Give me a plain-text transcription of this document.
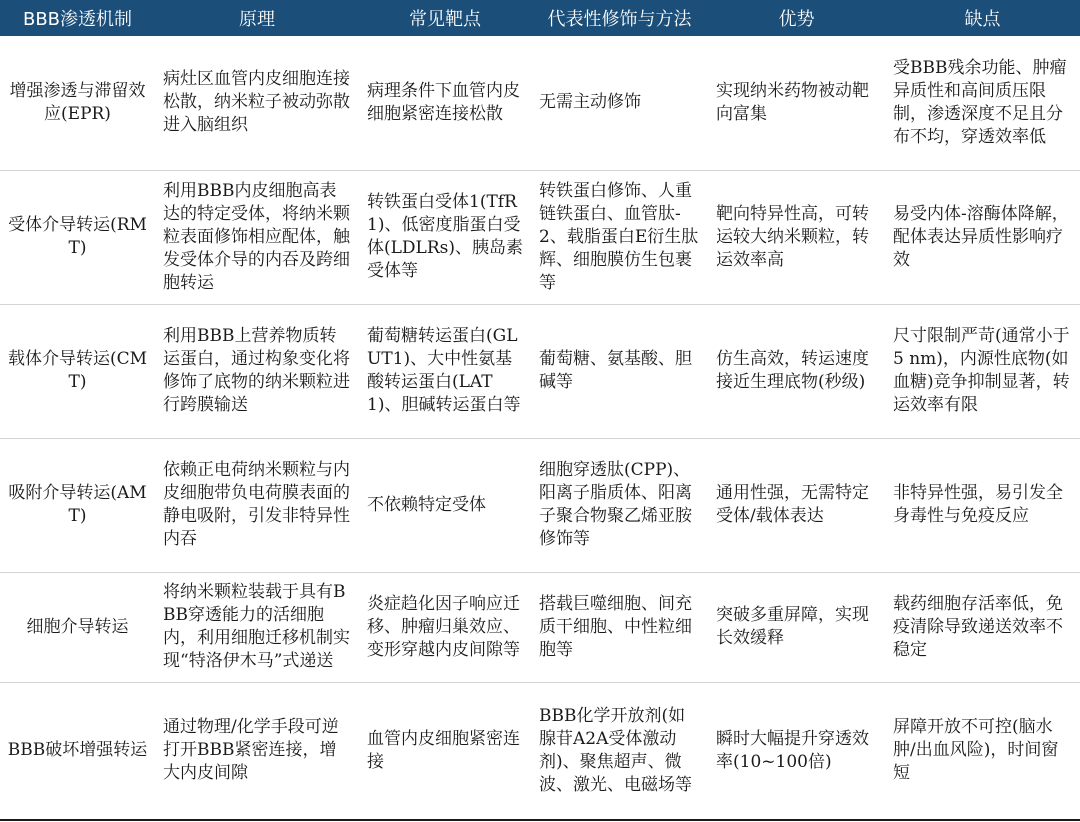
BBB渗透机制	原理	常见靶点	代表性修饰与方法	优势	缺点
增强渗透与滞留效应(EPR)	病灶区血管内皮细胞连接松散，纳米粒子被动弥散进入脑组织	病理条件下血管内皮细胞紧密连接松散	无需主动修饰	实现纳米药物被动靶向富集	受BBB残余功能、肿瘤异质性和高间质压限制，渗透深度不足且分布不均，穿透效率低
受体介导转运(RMT)	利用BBB内皮细胞高表达的特定受体，将纳米颗粒表面修饰相应配体，触发受体介导的内吞及跨细胞转运	转铁蛋白受体1(TfR1)、低密度脂蛋白受体(LDLRs)、胰岛素受体等	转铁蛋白修饰、人重链铁蛋白、血管肽-2、载脂蛋白E衍生肽辉、细胞膜仿生包裹等	靶向特异性高，可转运较大纳米颗粒，转运效率高	易受内体-溶酶体降解，配体表达异质性影响疗效
载体介导转运(CMT)	利用BBB上营养物质转运蛋白，通过构象变化将修饰了底物的纳米颗粒进行跨膜输送	葡萄糖转运蛋白(GLUT1)、大中性氨基酸转运蛋白(LAT1)、胆碱转运蛋白等	葡萄糖、氨基酸、胆碱等	仿生高效，转运速度接近生理底物(秒级)	尺寸限制严苛(通常小于5 nm)，内源性底物(如血糖)竞争抑制显著，转运效率有限
吸附介导转运(AMT)	依赖正电荷纳米颗粒与内皮细胞带负电荷膜表面的静电吸附，引发非特异性内吞	不依赖特定受体	细胞穿透肽(CPP)、阳离子脂质体、阳离子聚合物聚乙烯亚胺修饰等	通用性强，无需特定受体/载体表达	非特异性强，易引发全身毒性与免疫反应
细胞介导转运	将纳米颗粒装载于具有BBB穿透能力的活细胞内，利用细胞迁移机制实现“特洛伊木马”式递送	炎症趋化因子响应迁移、肿瘤归巢效应、变形穿越内皮间隙等	搭载巨噬细胞、间充质干细胞、中性粒细胞等	突破多重屏障，实现长效缓释	载药细胞存活率低，免疫清除导致递送效率不稳定
BBB破坏增强转运	通过物理/化学手段可逆打开BBB紧密连接，增大内皮间隙	血管内皮细胞紧密连接	BBB化学开放剂(如腺苷A2A受体激动剂)、聚焦超声、微波、激光、电磁场等	瞬时大幅提升穿透效率(10~100倍)	屏障开放不可控(脑水肿/出血风险)，时间窗短
